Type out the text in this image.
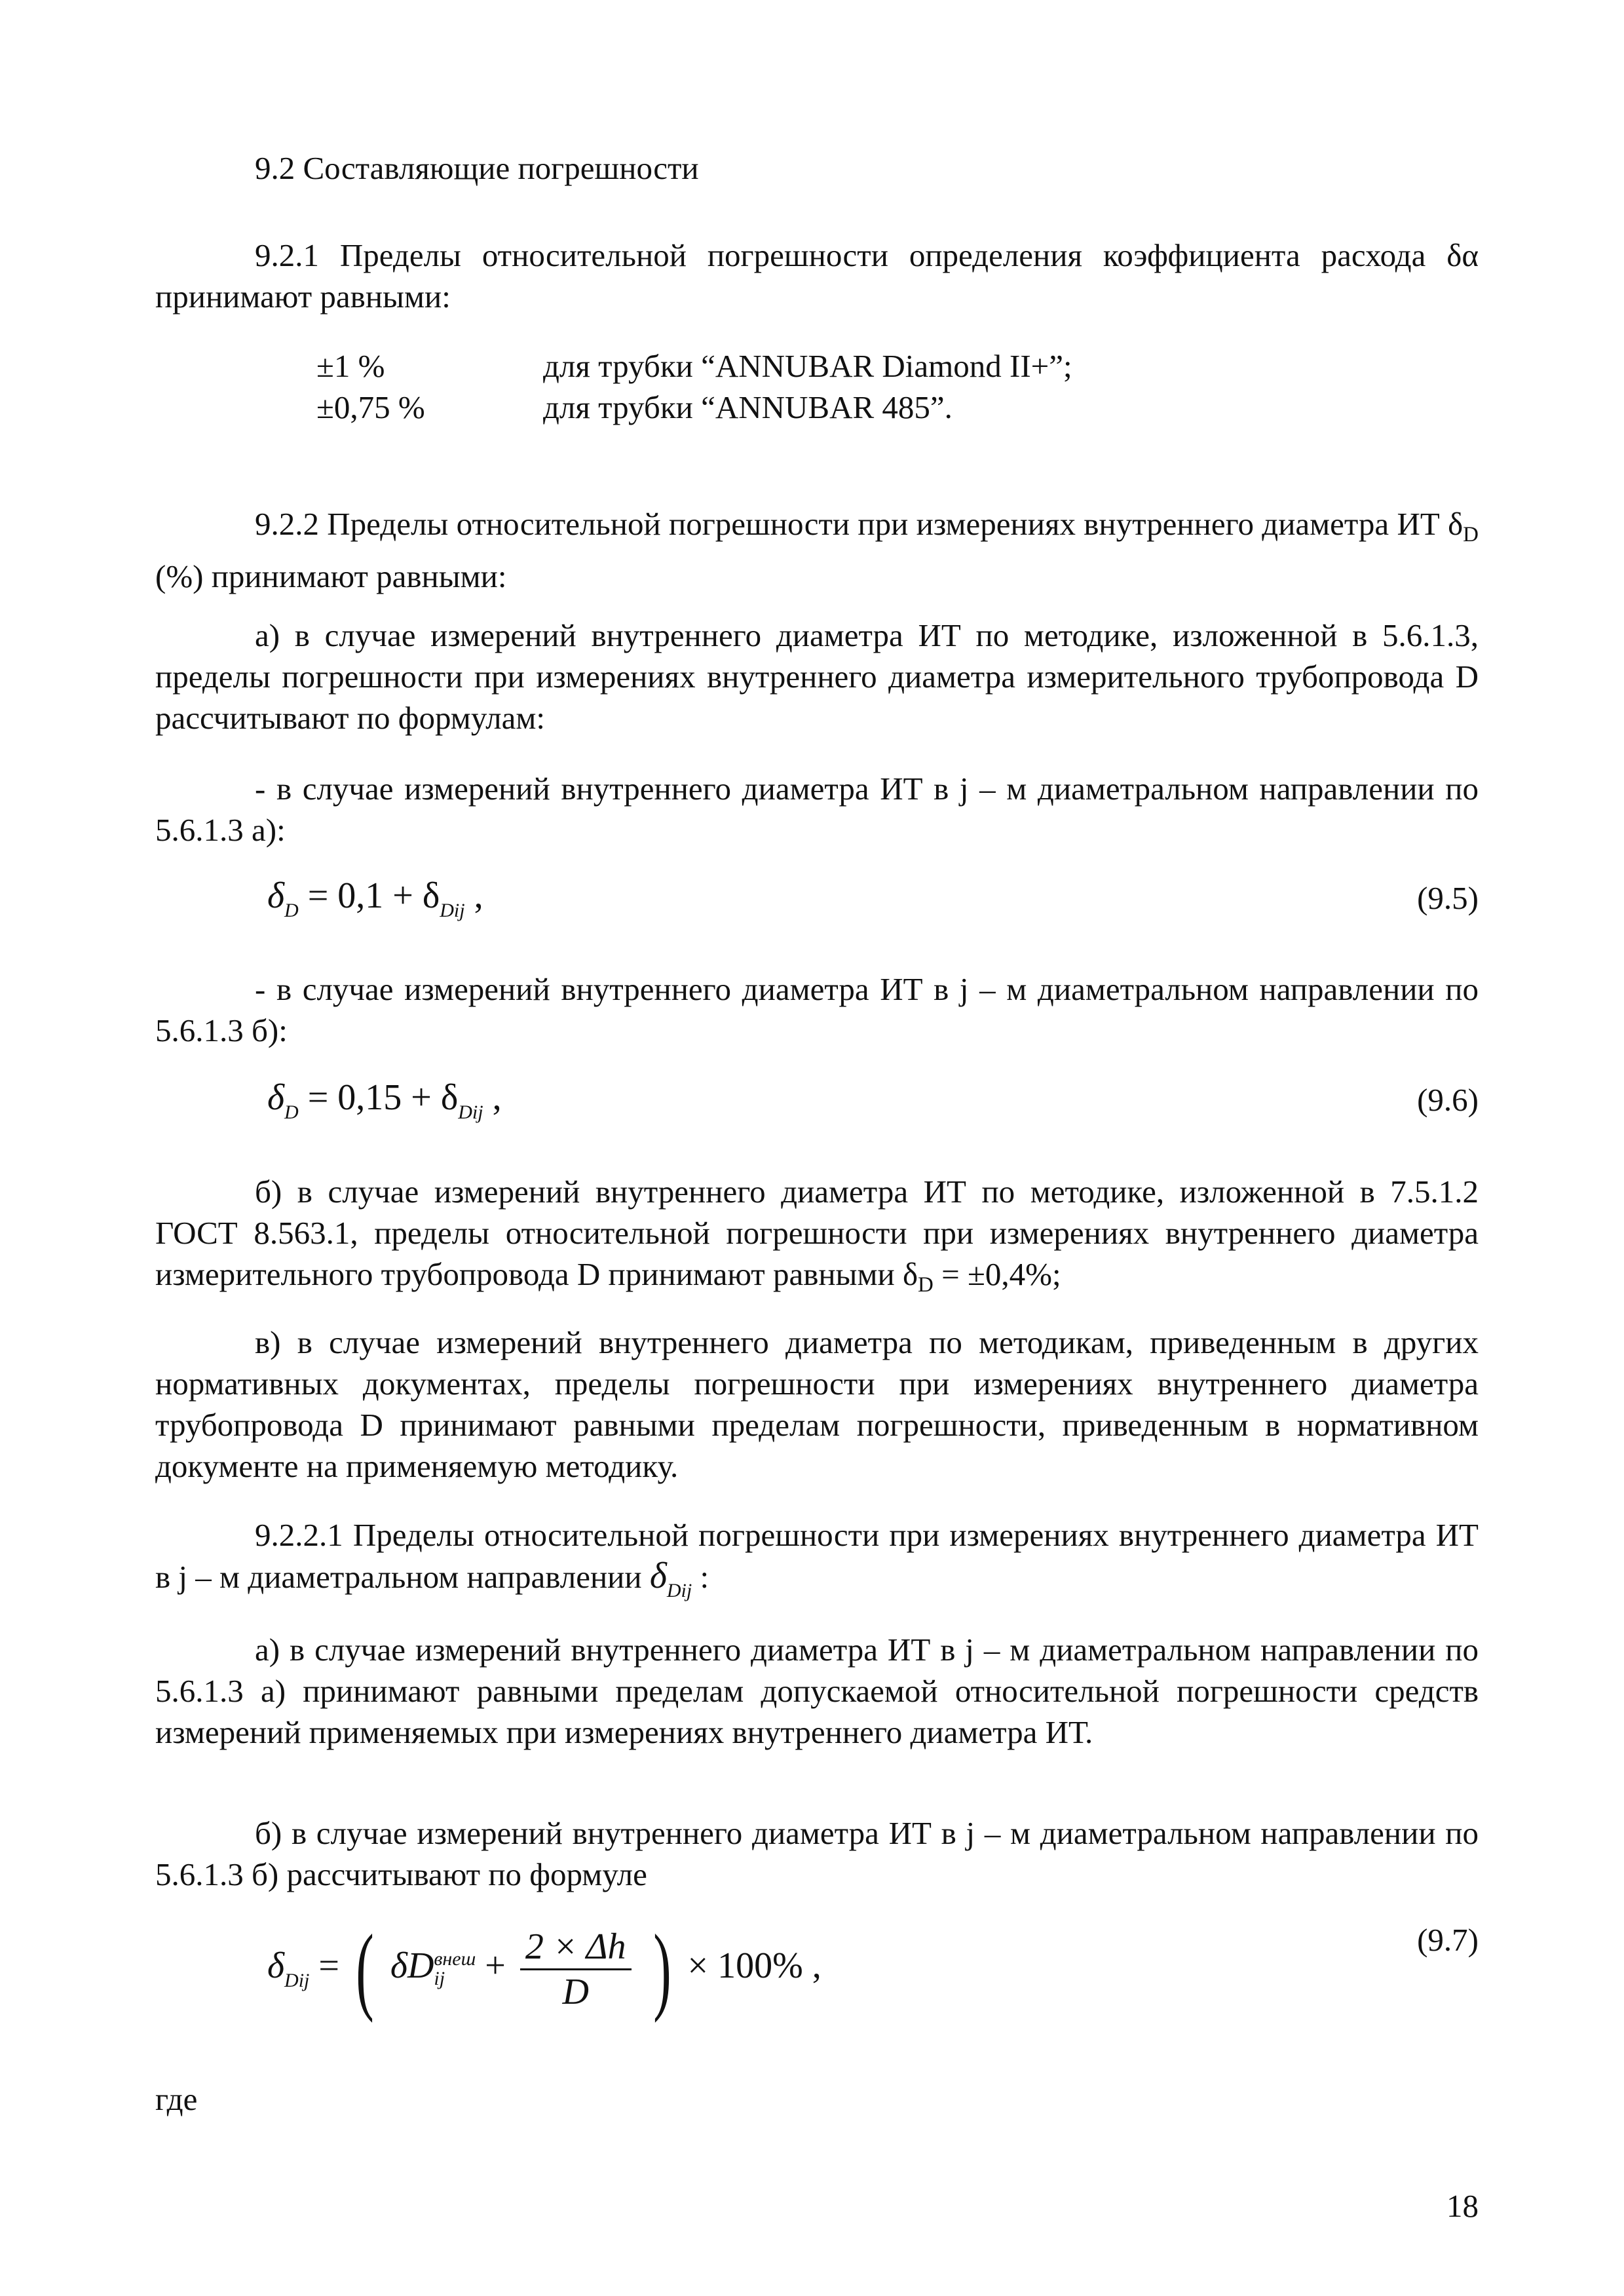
9.2 Составляющие погрешности

9.2.1 Пределы относительной погрешности определения коэффициента расхода δα принимают равными:

±1 %	для трубки “ANNUBAR Diamond II+”;
±0,75 %	для трубки “ANNUBAR 485”.

9.2.2 Пределы относительной погрешности при измерениях внутреннего диаметра ИТ $\delta_D$ (%) принимают равными:

а) в случае измерений внутреннего диаметра ИТ по методике, изложенной в 5.6.1.3, пределы погрешности при измерениях внутреннего диаметра измерительного трубопровода D рассчитывают по формулам:

- в случае измерений внутреннего диаметра ИТ в j – м диаметральном направлении по 5.6.1.3 а):

$\delta_D = 0,1 + \delta_{Dij}$ ,	(9.5)

- в случае измерений внутреннего диаметра ИТ в j – м диаметральном направлении по 5.6.1.3 б):

$\delta_D = 0,15 + \delta_{Dij}$ ,	(9.6)

б) в случае измерений внутреннего диаметра ИТ по методике, изложенной в 7.5.1.2 ГОСТ 8.563.1, пределы относительной погрешности при измерениях внутреннего диаметра измерительного трубопровода D принимают равными $\delta_D = \pm 0,4\%$;

в) в случае измерений внутреннего диаметра по методикам, приведенным в других нормативных документах, пределы погрешности при измерениях внутреннего диаметра трубопровода D принимают равными пределам погрешности, приведенным в нормативном документе на применяемую методику.

9.2.2.1 Пределы относительной погрешности при измерениях внутреннего диаметра ИТ в j – м диаметральном направлении $\delta_{Dij}$ :

а) в случае измерений внутреннего диаметра ИТ в j – м диаметральном направлении по 5.6.1.3 а) принимают равными пределам допускаемой относительной погрешности средств измерений применяемых при измерениях внутреннего диаметра ИТ.

б) в случае измерений внутреннего диаметра ИТ в j – м диаметральном направлении по 5.6.1.3 б) рассчитывают по формуле

$\delta_{Dij}$ = ( δD внеш
ij	+ $\frac{2 \times \Delta h}{D}$ ) × 100% ,
(9.7)

где

18
